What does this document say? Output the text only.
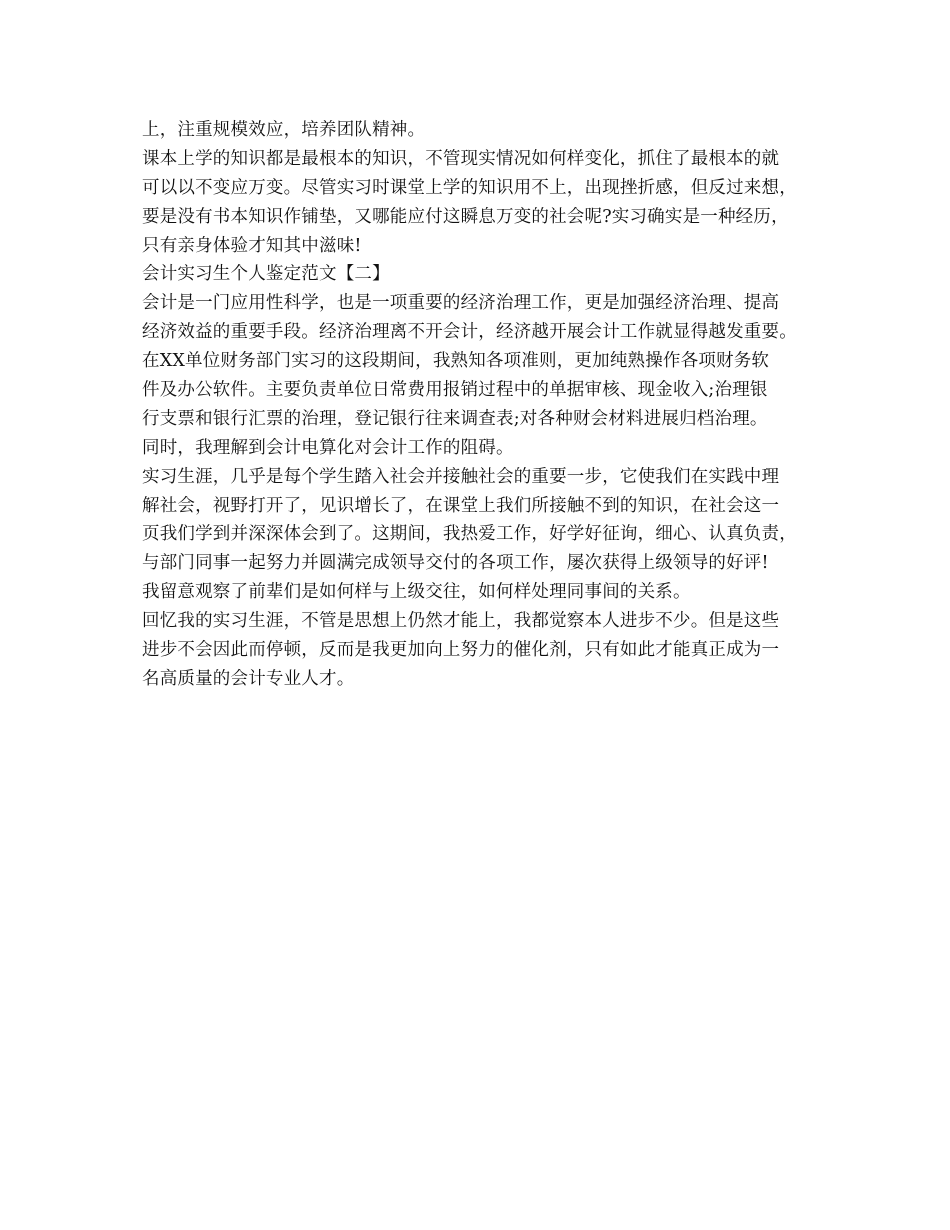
上，注重规模效应，培养团队精神。
课本上学的知识都是最根本的知识，不管现实情况如何样变化，抓住了最根本的就
可以以不变应万变。尽管实习时课堂上学的知识用不上，出现挫折感，但反过来想，
要是没有书本知识作铺垫，又哪能应付这瞬息万变的社会呢?实习确实是一种经历，
只有亲身体验才知其中滋味!
会计实习生个人鉴定范文【二】
会计是一门应用性科学，也是一项重要的经济治理工作，更是加强经济治理、提高
经济效益的重要手段。经济治理离不开会计，经济越开展会计工作就显得越发重要。
在XX单位财务部门实习的这段期间，我熟知各项准则，更加纯熟操作各项财务软
件及办公软件。主要负责单位日常费用报销过程中的单据审核、现金收入;治理银
行支票和银行汇票的治理，登记银行往来调查表;对各种财会材料进展归档治理。
同时，我理解到会计电算化对会计工作的阻碍。
实习生涯，几乎是每个学生踏入社会并接触社会的重要一步，它使我们在实践中理
解社会，视野打开了，见识增长了，在课堂上我们所接触不到的知识，在社会这一
页我们学到并深深体会到了。这期间，我热爱工作，好学好征询，细心、认真负责，
与部门同事一起努力并圆满完成领导交付的各项工作，屡次获得上级领导的好评!
我留意观察了前辈们是如何样与上级交往，如何样处理同事间的关系。
回忆我的实习生涯，不管是思想上仍然才能上，我都觉察本人进步不少。但是这些
进步不会因此而停顿，反而是我更加向上努力的催化剂，只有如此才能真正成为一
名高质量的会计专业人才。
